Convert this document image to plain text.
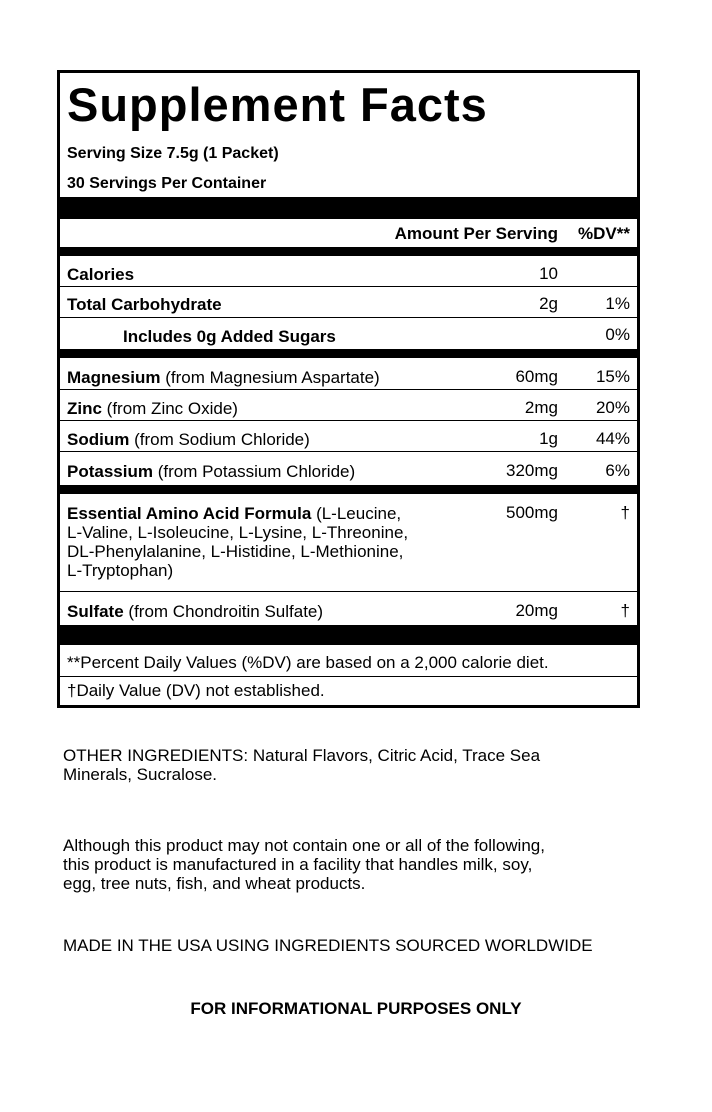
Supplement Facts
Serving Size 7.5g (1 Packet)
30 Servings Per Container
Amount Per Serving %DV**
Calories	10
Total Carbohydrate	2g	1%
Includes 0g Added Sugars	0%
Magnesium (from Magnesium Aspartate)	60mg 15%
Zinc (from Zinc Oxide)	2mg 20%
Sodium (from Sodium Chloride)	1g 44%
Potassium (from Potassium Chloride)	320mg	6%
Essential Amino Acid Formula (L-Leucine,
L-Valine, L-Isoleucine, L-Lysine, L-Threonine,
DL-Phenylalanine, L-Histidine, L-Methionine,
L-Tryptophan)
500mg	†
Sulfate (from Chondroitin Sulfate)	20mg	†
**Percent Daily Values (%DV) are based on a 2,000 calorie diet.
†Daily Value (DV) not established.
OTHER INGREDIENTS: Natural Flavors, Citric Acid, Trace Sea
Minerals, Sucralose.
Although this product may not contain one or all of the following,
this product is manufactured in a facility that handles milk, soy,
egg, tree nuts, fish, and wheat products.
MADE IN THE USA USING INGREDIENTS SOURCED WORLDWIDE
FOR INFORMATIONAL PURPOSES ONLY
